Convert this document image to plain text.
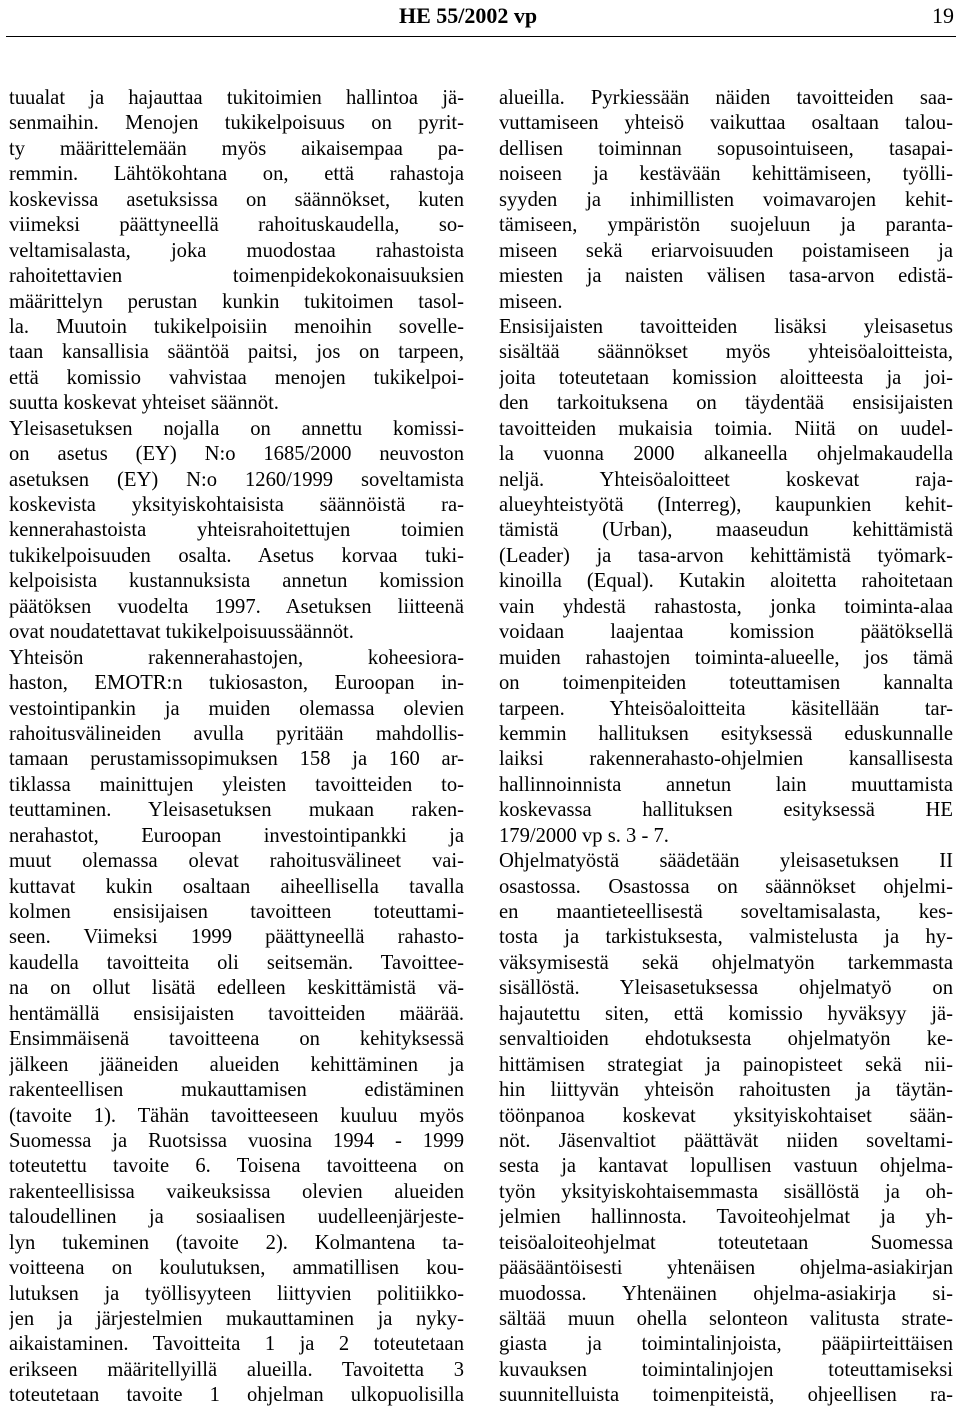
HE 55/2002 vp	19
tuualat ja hajauttaa tukitoimien hallintoa jä-
senmaihin. Menojen tukikelpoisuus on pyrit-
ty määrittelemään myös aikaisempaa pa-
remmin. Lähtökohtana on, että rahastoja
koskevissa asetuksissa on säännökset, kuten
viimeksi päättyneellä rahoituskaudella, so-
veltamisalasta, joka muodostaa rahastoista
rahoitettavien toimenpidekokonaisuuksien
määrittelyn perustan kunkin tukitoimen tasol-
la. Muutoin tukikelpoisiin menoihin sovelle-
taan kansallisia sääntöä paitsi, jos on tarpeen,
että komissio vahvistaa menojen tukikelpoi-
suutta koskevat yhteiset säännöt.
Yleisasetuksen nojalla on annettu komissi-
on asetus (EY) N:o 1685/2000 neuvoston
asetuksen (EY) N:o 1260/1999 soveltamista
koskevista yksityiskohtaisista säännöistä ra-
kennerahastoista yhteisrahoitettujen toimien
tukikelpoisuuden osalta. Asetus korvaa tuki-
kelpoisista kustannuksista annetun komission
päätöksen vuodelta 1997. Asetuksen liitteenä
ovat noudatettavat tukikelpoisuussäännöt.
Yhteisön rakennerahastojen, koheesiora-
haston, EMOTR:n tukiosaston, Euroopan in-
vestointipankin ja muiden olemassa olevien
rahoitusvälineiden avulla pyritään mahdollis-
tamaan perustamissopimuksen 158 ja 160 ar-
tiklassa mainittujen yleisten tavoitteiden to-
teuttaminen. Yleisasetuksen mukaan raken-
nerahastot, Euroopan investointipankki ja
muut olemassa olevat rahoitusvälineet vai-
kuttavat kukin osaltaan aiheellisella tavalla
kolmen ensisijaisen tavoitteen toteuttami-
seen. Viimeksi 1999 päättyneellä rahasto-
kaudella tavoitteita oli seitsemän. Tavoittee-
na on ollut lisätä edelleen keskittämistä vä-
hentämällä ensisijaisten tavoitteiden määrää.
Ensimmäisenä tavoitteena on kehityksessä
jälkeen jääneiden alueiden kehittäminen ja
rakenteellisen mukauttamisen edistäminen
(tavoite 1). Tähän tavoitteeseen kuuluu myös
Suomessa ja Ruotsissa vuosina 1994 - 1999
toteutettu tavoite 6. Toisena tavoitteena on
rakenteellisissa vaikeuksissa olevien alueiden
taloudellinen ja sosiaalisen uudelleenjärjeste-
lyn tukeminen (tavoite 2). Kolmantena ta-
voitteena on koulutuksen, ammatillisen kou-
lutuksen ja työllisyyteen liittyvien politiikko-
jen ja järjestelmien mukauttaminen ja nyky-
aikaistaminen. Tavoitteita 1 ja 2 toteutetaan
erikseen määritellyillä alueilla. Tavoitetta 3
toteutetaan tavoite 1 ohjelman ulkopuolisilla
alueilla. Pyrkiessään näiden tavoitteiden saa-
vuttamiseen yhteisö vaikuttaa osaltaan talou-
dellisen toiminnan sopusointuiseen, tasapai-
noiseen ja kestävään kehittämiseen, työlli-
syyden ja inhimillisten voimavarojen kehit-
tämiseen, ympäristön suojeluun ja paranta-
miseen sekä eriarvoisuuden poistamiseen ja
miesten ja naisten välisen tasa-arvon edistä-
miseen.
Ensisijaisten tavoitteiden lisäksi yleisasetus
sisältää säännökset myös yhteisöaloitteista,
joita toteutetaan komission aloitteesta ja joi-
den tarkoituksena on täydentää ensisijaisten
tavoitteiden mukaisia toimia. Niitä on uudel-
la vuonna 2000 alkaneella ohjelmakaudella
neljä. Yhteisöaloitteet koskevat raja-
alueyhteistyötä (Interreg), kaupunkien kehit-
tämistä (Urban), maaseudun kehittämistä
(Leader) ja tasa-arvon kehittämistä työmark-
kinoilla (Equal). Kutakin aloitetta rahoitetaan
vain yhdestä rahastosta, jonka toiminta-alaa
voidaan laajentaa komission päätöksellä
muiden rahastojen toiminta-alueelle, jos tämä
on toimenpiteiden toteuttamisen kannalta
tarpeen. Yhteisöaloitteita käsitellään tar-
kemmin hallituksen esityksessä eduskunnalle
laiksi rakennerahasto-ohjelmien kansallisesta
hallinnoinnista annetun lain muuttamista
koskevassa hallituksen esityksessä HE
179/2000 vp s. 3 - 7.
Ohjelmatyöstä säädetään yleisasetuksen II
osastossa. Osastossa on säännökset ohjelmi-
en maantieteellisestä soveltamisalasta, kes-
tosta ja tarkistuksesta, valmistelusta ja hy-
väksymisestä sekä ohjelmatyön tarkemmasta
sisällöstä. Yleisasetuksessa ohjelmatyö on
hajautettu siten, että komissio hyväksyy jä-
senvaltioiden ehdotuksesta ohjelmatyön ke-
hittämisen strategiat ja painopisteet sekä nii-
hin liittyvän yhteisön rahoitusten ja täytän-
töönpanoa koskevat yksityiskohtaiset sään-
nöt. Jäsenvaltiot päättävät niiden soveltami-
sesta ja kantavat lopullisen vastuun ohjelma-
työn yksityiskohtaisemmasta sisällöstä ja oh-
jelmien hallinnosta. Tavoiteohjelmat ja yh-
teisöaloiteohjelmat toteutetaan Suomessa
pääsääntöisesti yhtenäisen ohjelma-asiakirjan
muodossa. Yhtenäinen ohjelma-asiakirja si-
sältää muun ohella selonteon valitusta strate-
giasta ja toimintalinjoista, pääpiirteittäisen
kuvauksen toimintalinjojen toteuttamiseksi
suunnitelluista toimenpiteistä, ohjeellisen ra-
